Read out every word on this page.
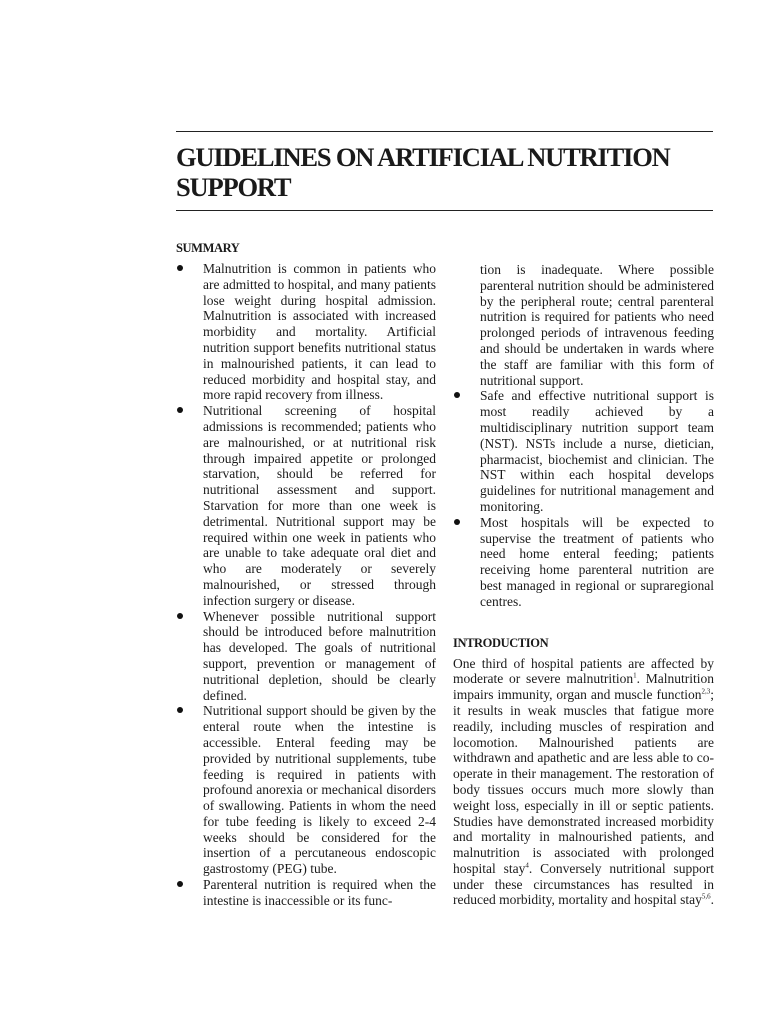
GUIDELINES ON ARTIFICIAL NUTRITION SUPPORT
SUMMARY
Malnutrition is common in patients who are admitted to hospital, and many patients lose weight during hospital admission. Malnutrition is associated with increased morbidity and mortality. Artificial nutrition support benefits nutritional status in malnourished patients, it can lead to reduced morbidity and hospital stay, and more rapid recovery from illness.
Nutritional screening of hospital admissions is recommended; patients who are malnourished, or at nutritional risk through impaired appetite or prolonged starvation, should be referred for nutritional assessment and support. Starvation for more than one week is detrimental. Nutritional support may be required within one week in patients who are unable to take adequate oral diet and who are moderately or severely malnourished, or stressed through infection surgery or disease.
Whenever possible nutritional support should be introduced before malnutrition has developed. The goals of nutritional support, prevention or management of nutritional depletion, should be clearly defined.
Nutritional support should be given by the enteral route when the intestine is accessible. Enteral feeding may be provided by nutritional supplements, tube feeding is required in patients with profound anorexia or mechanical disorders of swallowing. Patients in whom the need for tube feeding is likely to exceed 2-4 weeks should be considered for the insertion of a percutaneous endoscopic gastrostomy (PEG) tube.
Parenteral nutrition is required when the intestine is inaccessible or its func-
tion is inadequate. Where possible parenteral nutrition should be administered by the peripheral route; central parenteral nutrition is required for patients who need prolonged periods of intravenous feeding and should be undertaken in wards where the staff are familiar with this form of nutritional support.
Safe and effective nutritional support is most readily achieved by a multidisciplinary nutrition support team (NST). NSTs include a nurse, dietician, pharmacist, biochemist and clinician. The NST within each hospital develops guidelines for nutritional management and monitoring.
Most hospitals will be expected to supervise the treatment of patients who need home enteral feeding; patients receiving home parenteral nutrition are best managed in regional or supraregional centres.
INTRODUCTION
One third of hospital patients are affected by moderate or severe malnutrition$^1$. Malnutrition impairs immunity, organ and muscle function$^{2,3}$; it results in weak muscles that fatigue more readily, including muscles of respiration and locomotion. Malnourished patients are withdrawn and apathetic and are less able to co-operate in their management. The restoration of body tissues occurs much more slowly than weight loss, especially in ill or septic patients. Studies have demonstrated increased morbidity and mortality in malnourished patients, and malnutrition is associated with prolonged hospital stay$^4$. Conversely nutritional support under these circumstances has resulted in reduced morbidity, mortality and hospital stay$^{5,6}$.
